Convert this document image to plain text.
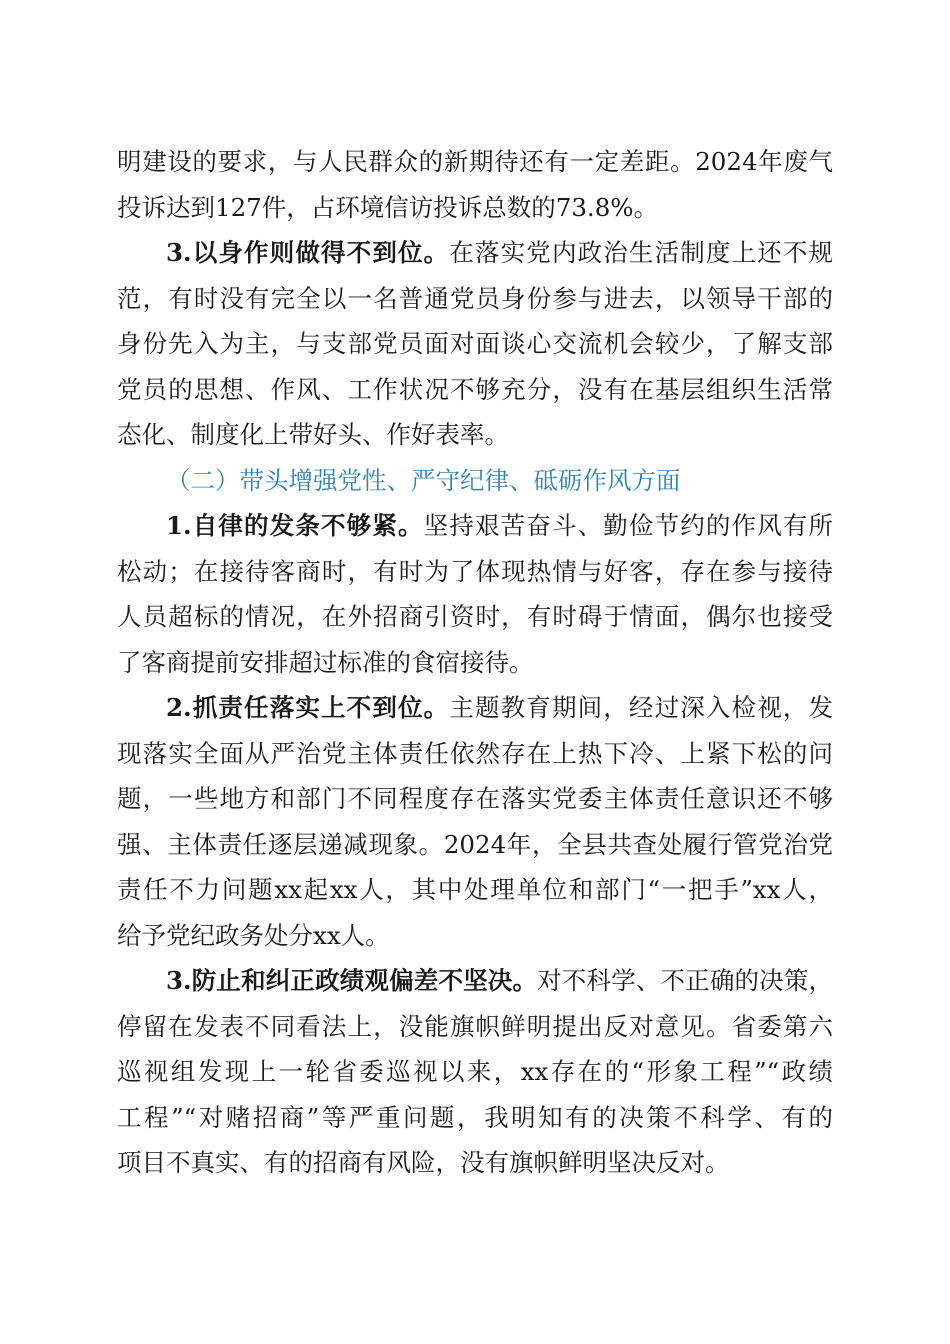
明建设的要求，与人民群众的新期待还有一定差距。2024年废气
投诉达到127件，占环境信访投诉总数的73.8%。
3.以身作则做得不到位。在落实党内政治生活制度上还不规
范，有时没有完全以一名普通党员身份参与进去，以领导干部的
身份先入为主，与支部党员面对面谈心交流机会较少，了解支部
党员的思想、作风、工作状况不够充分，没有在基层组织生活常
态化、制度化上带好头、作好表率。
（二）带头增强党性、严守纪律、砥砺作风方面
1.自律的发条不够紧。坚持艰苦奋斗、勤俭节约的作风有所
松动；在接待客商时，有时为了体现热情与好客，存在参与接待
人员超标的情况，在外招商引资时，有时碍于情面，偶尔也接受
了客商提前安排超过标准的食宿接待。
2.抓责任落实上不到位。主题教育期间，经过深入检视，发
现落实全面从严治党主体责任依然存在上热下冷、上紧下松的问
题，一些地方和部门不同程度存在落实党委主体责任意识还不够
强、主体责任逐层递减现象。2024年，全县共查处履行管党治党
责任不力问题xx起xx人，其中处理单位和部门“一把手”xx人，
给予党纪政务处分xx人。
3.防止和纠正政绩观偏差不坚决。对不科学、不正确的决策，
停留在发表不同看法上，没能旗帜鲜明提出反对意见。省委第六
巡视组发现上一轮省委巡视以来，xx存在的“形象工程”“政绩
工程”“对赌招商”等严重问题，我明知有的决策不科学、有的
项目不真实、有的招商有风险，没有旗帜鲜明坚决反对。
